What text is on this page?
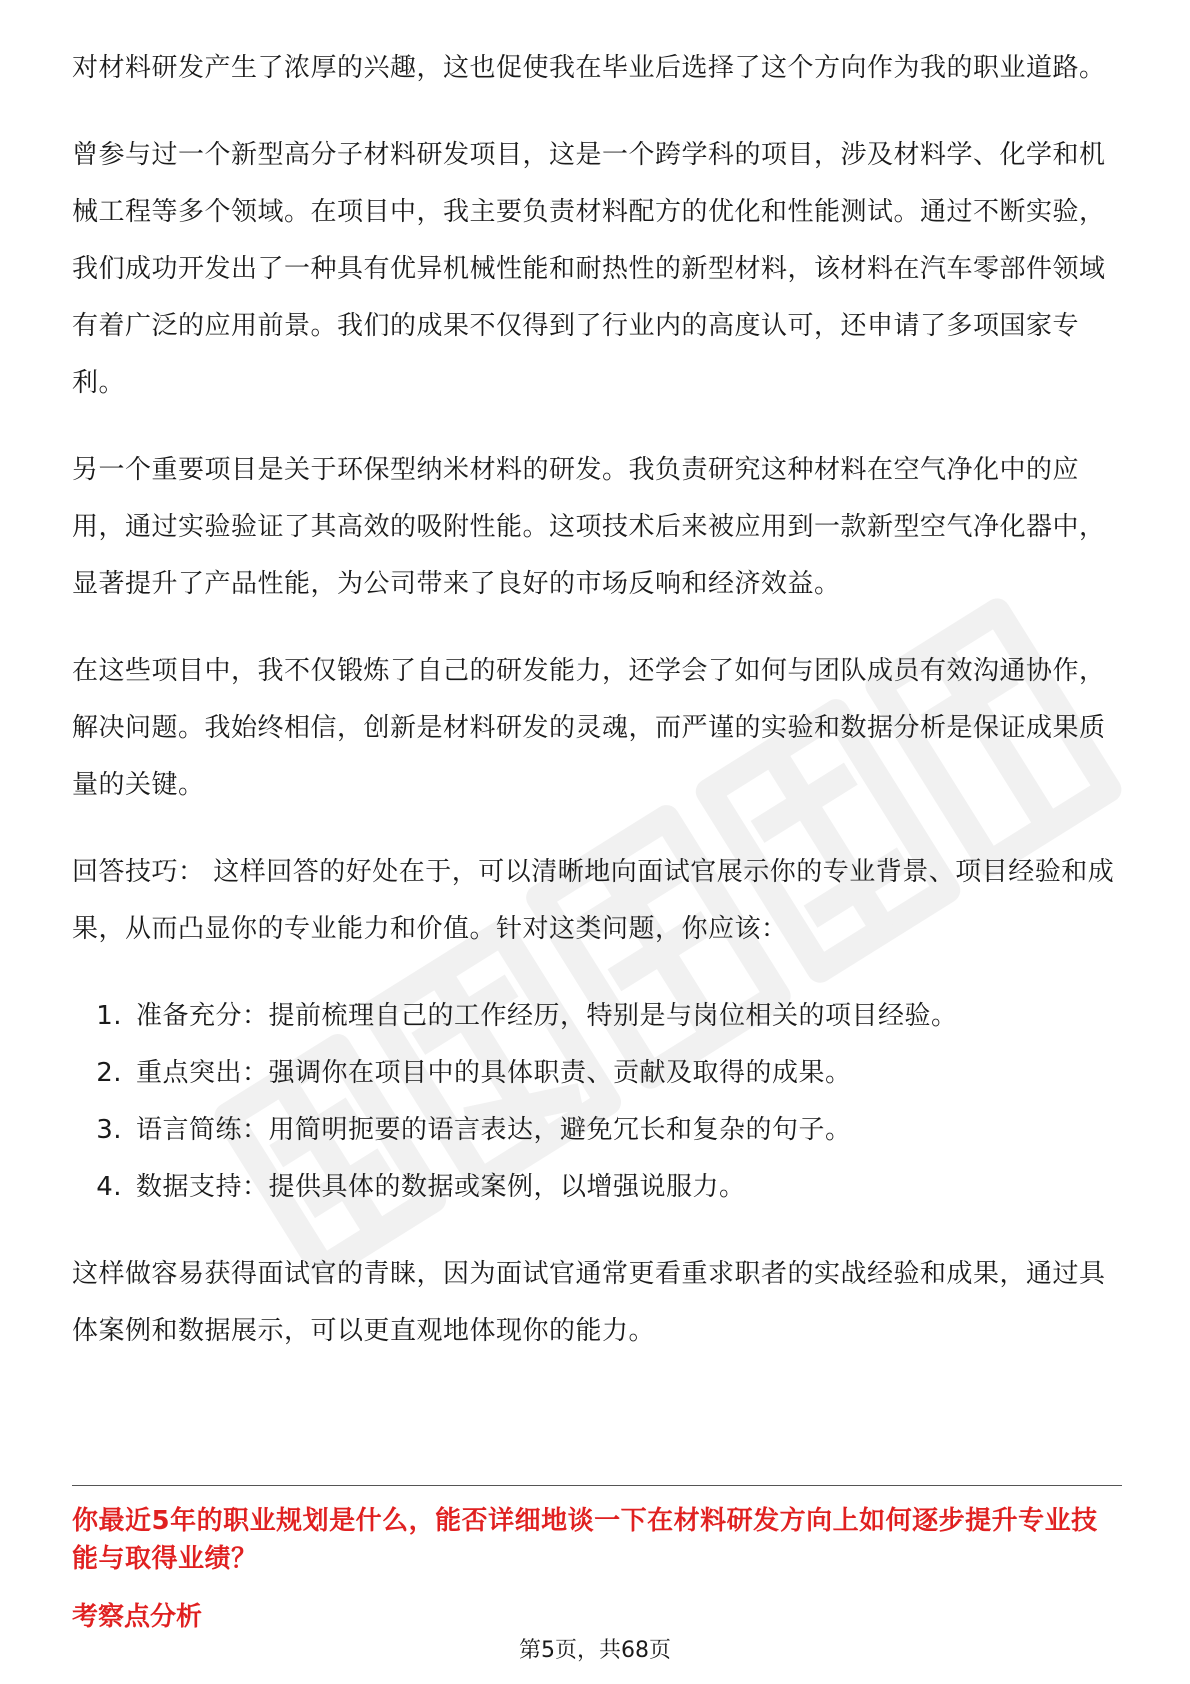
对材料研发产生了浓厚的兴趣，这也促使我在毕业后选择了这个方向作为我的职业道路。

曾参与过一个新型高分子材料研发项目，这是一个跨学科的项目，涉及材料学、化学和机械工程等多个领域。在项目中，我主要负责材料配方的优化和性能测试。通过不断实验，我们成功开发出了一种具有优异机械性能和耐热性的新型材料，该材料在汽车零部件领域有着广泛的应用前景。我们的成果不仅得到了行业内的高度认可，还申请了多项国家专利。

另一个重要项目是关于环保型纳米材料的研发。我负责研究这种材料在空气净化中的应用，通过实验验证了其高效的吸附性能。这项技术后来被应用到一款新型空气净化器中，显著提升了产品性能，为公司带来了良好的市场反响和经济效益。

在这些项目中，我不仅锻炼了自己的研发能力，还学会了如何与团队成员有效沟通协作，解决问题。我始终相信，创新是材料研发的灵魂，而严谨的实验和数据分析是保证成果质量的关键。

回答技巧： 这样回答的好处在于，可以清晰地向面试官展示你的专业背景、项目经验和成果，从而凸显你的专业能力和价值。针对这类问题，你应该：

1. 准备充分：提前梳理自己的工作经历，特别是与岗位相关的项目经验。
2. 重点突出：强调你在项目中的具体职责、贡献及取得的成果。
3. 语言简练：用简明扼要的语言表达，避免冗长和复杂的句子。
4. 数据支持：提供具体的数据或案例，以增强说服力。

这样做容易获得面试官的青睐，因为面试官通常更看重求职者的实战经验和成果，通过具体案例和数据展示，可以更直观地体现你的能力。

你最近5年的职业规划是什么，能否详细地谈一下在材料研发方向上如何逐步提升专业技能与取得业绩？
考察点分析
第5页，共68页
